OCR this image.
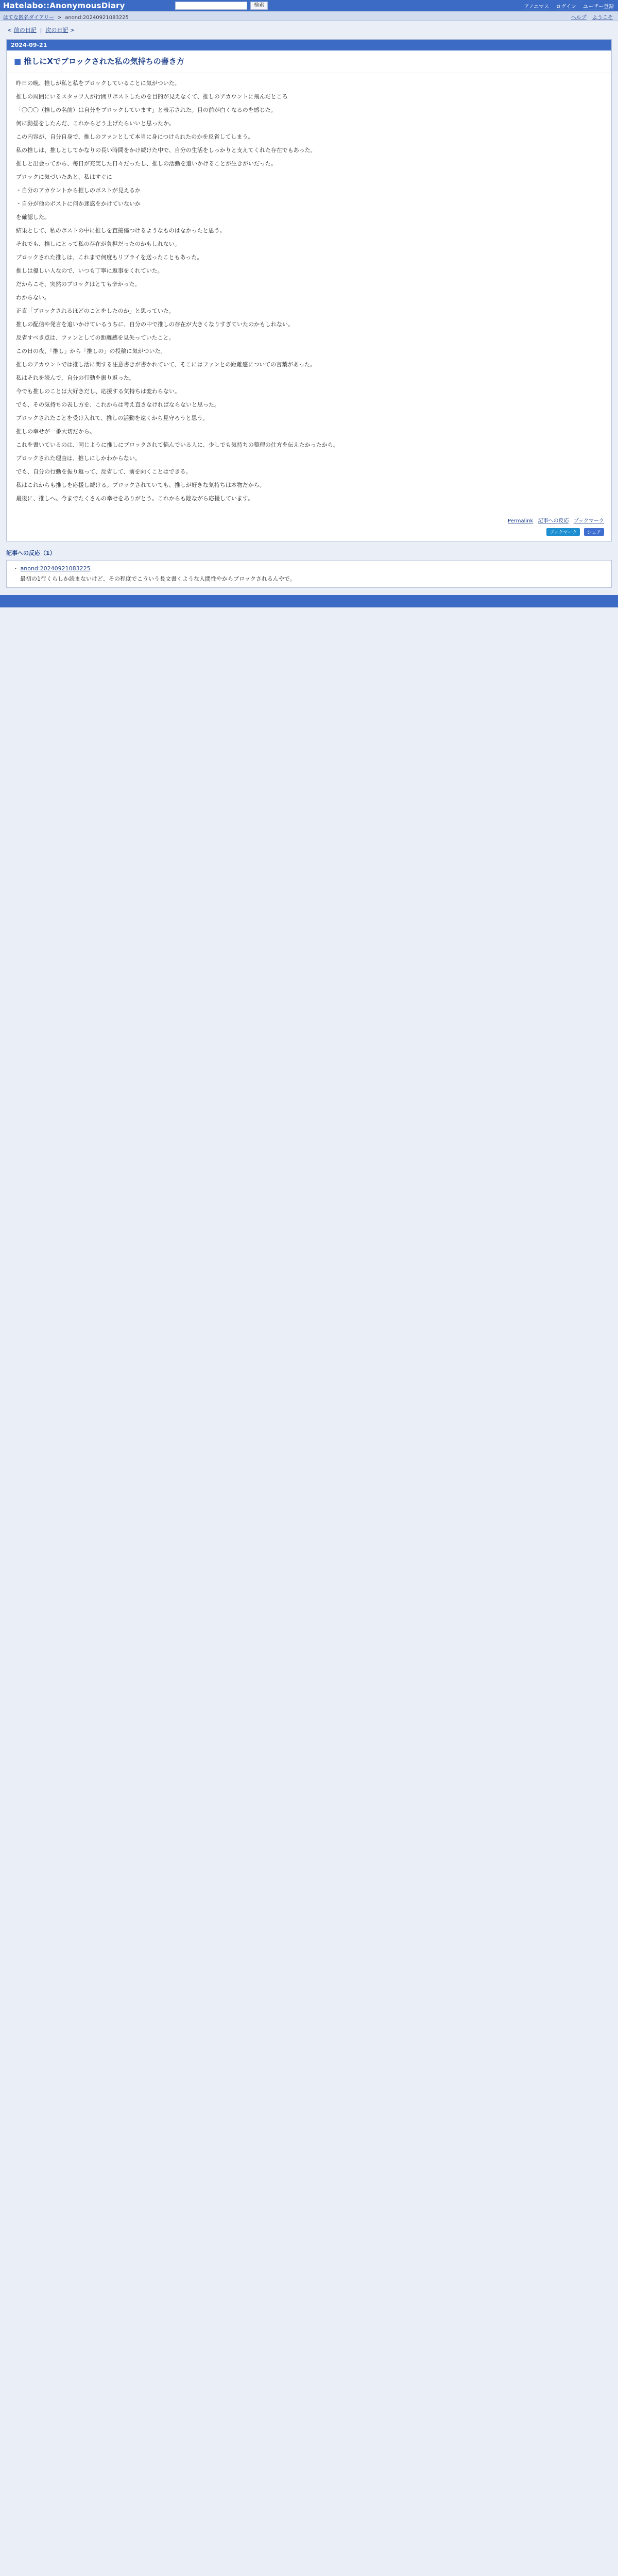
Hatelabo::AnonymousDiary	検索	アノニマス ログイン ユーザー登録
はてな匿名ダイアリー  >  anond:20240921083225	ヘルプ ようこそ
< 前の日記  |  次の日記 >
2024-09-21
■ 推しにXでブロックされた私の気持ちの書き方

昨日の晩、推しが私と私をブロックしていることに気がついた。

推しの周囲にいるスタッフ人が行間リポストしたのを目的が見えなくて、推しのアカウントに飛んだところ

「〇〇〇（推しの名前）は自分をブロックしています」と表示された。目の前が白くなるのを感じた。

何に動揺をしたんだ、これからどう上げたらいいと思ったか。

この内容が、自分自身で、推しのファンとして本当に身につけられたのかを反省してしまう。

私の推しは、推しとしてかなりの長い時間をかけ続けた中で、自分の生活をしっかりと支えてくれた存在でもあった。

推しと出会ってから、毎日が充実した日々だったし、推しの活動を追いかけることが生きがいだった。

ブロックに気づいたあと、私はすぐに

・自分のアカウントから推しのポストが見えるか

・自分が他のポストに何か迷惑をかけていないか

を確認した。

結果として、私のポストの中に推しを直接傷つけるようなものはなかったと思う。

それでも、推しにとって私の存在が負担だったのかもしれない。

ブロックされた推しは、これまで何度もリプライを送ったこともあった。

推しは優しい人なので、いつも丁寧に返事をくれていた。

だからこそ、突然のブロックはとても辛かった。

わからない。

正直「ブロックされるほどのことをしたのか」と思っていた。

推しの配信や発言を追いかけているうちに、自分の中で推しの存在が大きくなりすぎていたのかもしれない。

反省すべき点は、ファンとしての距離感を見失っていたこと。

この日の夜、「推し」から「推しの」の投稿に気がついた。

推しのアカウントでは推し活に関する注意書きが書かれていて、そこにはファンとの距離感についての言葉があった。

私はそれを読んで、自分の行動を振り返った。

今でも推しのことは大好きだし、応援する気持ちは変わらない。

でも、その気持ちの表し方を、これからは考え直さなければならないと思った。

ブロックされたことを受け入れて、推しの活動を遠くから見守ろうと思う。

推しの幸せが一番大切だから。

これを書いているのは、同じように推しにブロックされて悩んでいる人に、少しでも気持ちの整理の仕方を伝えたかったから。

ブロックされた理由は、推しにしかわからない。

でも、自分の行動を振り返って、反省して、前を向くことはできる。

私はこれからも推しを応援し続ける。ブロックされていても、推しが好きな気持ちは本物だから。

最後に、推しへ。今までたくさんの幸せをありがとう。これからも陰ながら応援しています。

Permalink 記事への反応 ブックマーク
ブックマーク シェア
記事への反応（1）
・ anond:20240921083225
最初の1行くらしか読まないけど、その程度でこういう長文書くような人間性やからブロックされるんやで。
